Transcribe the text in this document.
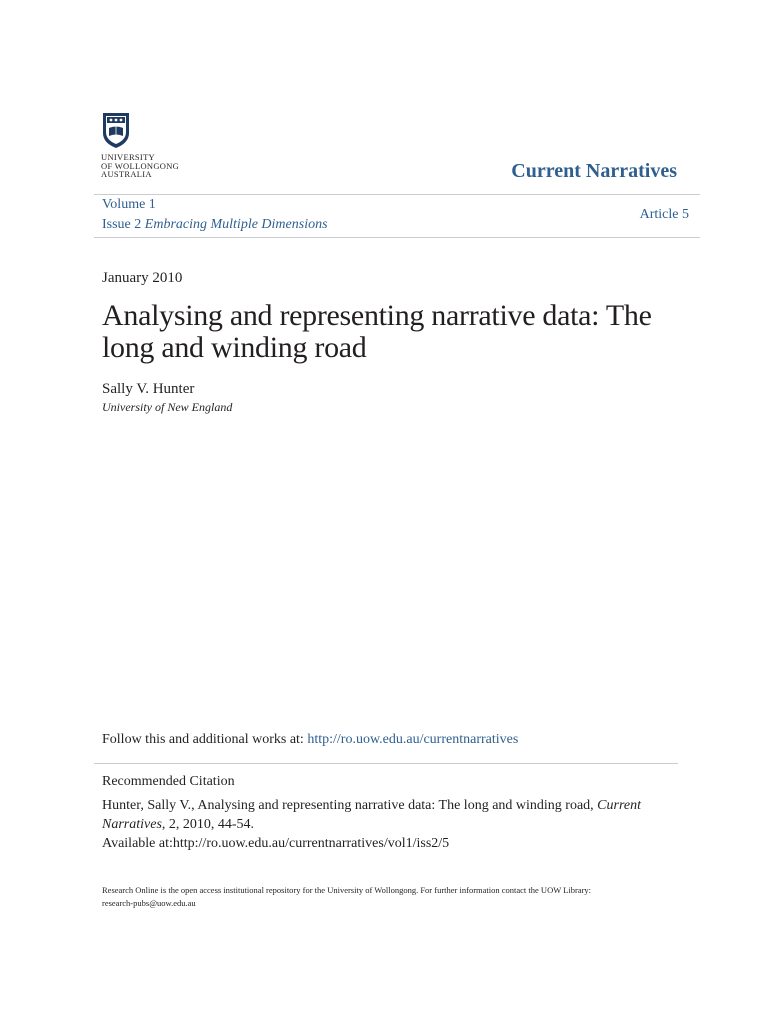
UNIVERSITY
OF WOLLONGONG
AUSTRALIA	Current Narratives
Volume 1
Issue 2 Embracing Multiple Dimensions
Article 5
January 2010
Analysing and representing narrative data: The long and winding road
Sally V. Hunter
University of New England
Follow this and additional works at: http://ro.uow.edu.au/currentnarratives
Recommended Citation
Hunter, Sally V., Analysing and representing narrative data: The long and winding road, Current Narratives, 2, 2010, 44-54.
Available at:http://ro.uow.edu.au/currentnarratives/vol1/iss2/5
Research Online is the open access institutional repository for the University of Wollongong. For further information contact the UOW Library:
research-pubs@uow.edu.au
